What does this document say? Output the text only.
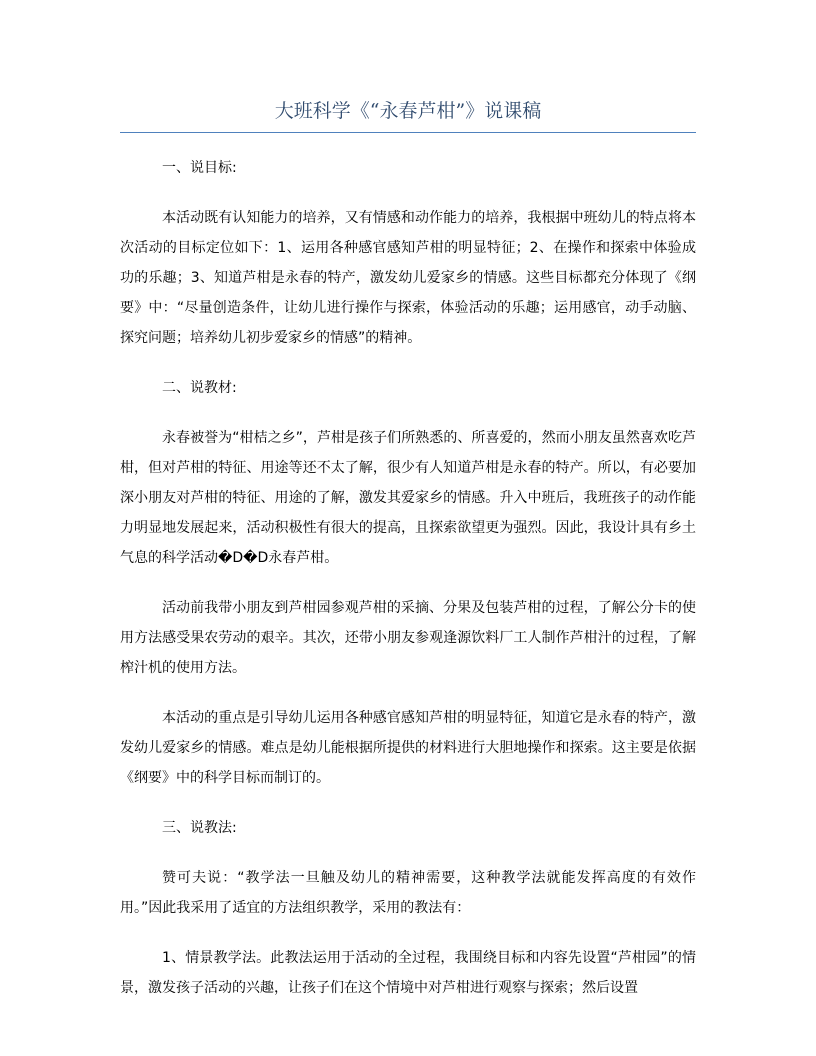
大班科学《“永春芦柑”》说课稿

一、说目标:

本活动既有认知能力的培养，又有情感和动作能力的培养，我根据中班幼儿的特点将本次活动的目标定位如下：1、运用各种感官感知芦柑的明显特征；2、在操作和探索中体验成功的乐趣；3、知道芦柑是永春的特产，激发幼儿爱家乡的情感。这些目标都充分体现了《纲要》中：“尽量创造条件，让幼儿进行操作与探索，体验活动的乐趣；运用感官，动手动脑、探究问题；培养幼儿初步爱家乡的情感”的精神。

二、说教材:

永春被誉为“柑桔之乡”，芦柑是孩子们所熟悉的、所喜爱的，然而小朋友虽然喜欢吃芦柑，但对芦柑的特征、用途等还不太了解，很少有人知道芦柑是永春的特产。所以，有必要加深小朋友对芦柑的特征、用途的了解，激发其爱家乡的情感。升入中班后，我班孩子的动作能力明显地发展起来，活动积极性有很大的提高，且探索欲望更为强烈。因此，我设计具有乡土气息的科学活动�D�D永春芦柑。

活动前我带小朋友到芦柑园参观芦柑的采摘、分果及包装芦柑的过程，了解公分卡的使用方法感受果农劳动的艰辛。其次，还带小朋友参观逢源饮料厂工人制作芦柑汁的过程，了解榨汁机的使用方法。

本活动的重点是引导幼儿运用各种感官感知芦柑的明显特征，知道它是永春的特产，激发幼儿爱家乡的情感。难点是幼儿能根据所提供的材料进行大胆地操作和探索。这主要是依据《纲要》中的科学目标而制订的。

三、说教法:

赞可夫说：“教学法一旦触及幼儿的精神需要，这种教学法就能发挥高度的有效作用。”因此我采用了适宜的方法组织教学，采用的教法有：

1、情景教学法。此教法运用于活动的全过程，我围绕目标和内容先设置“芦柑园”的情景，激发孩子活动的兴趣，让孩子们在这个情境中对芦柑进行观察与探索；然后设置
